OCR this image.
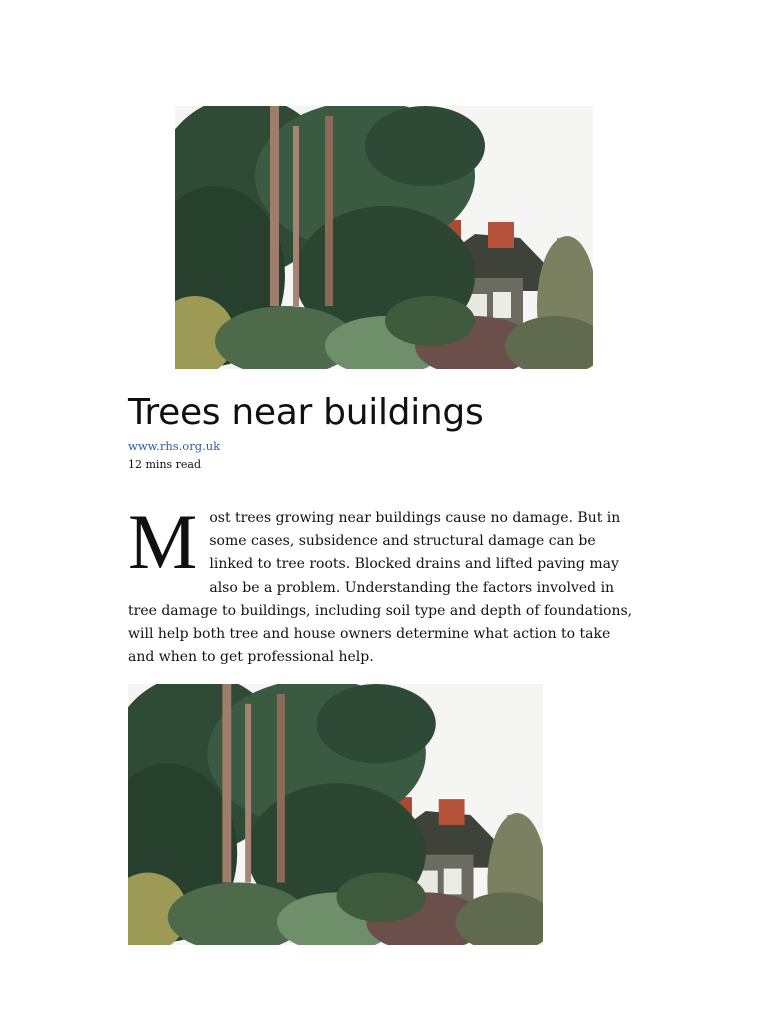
Trees near buildings
www.rhs.org.uk
12 mins read

Most trees growing near buildings cause no damage. But in some cases, subsidence and structural damage can be linked to tree roots. Blocked drains and lifted paving may also be a problem. Understanding the factors involved in tree damage to buildings, including soil type and depth of foundations, will help both tree and house owners determine what action to take and when to get professional help.
